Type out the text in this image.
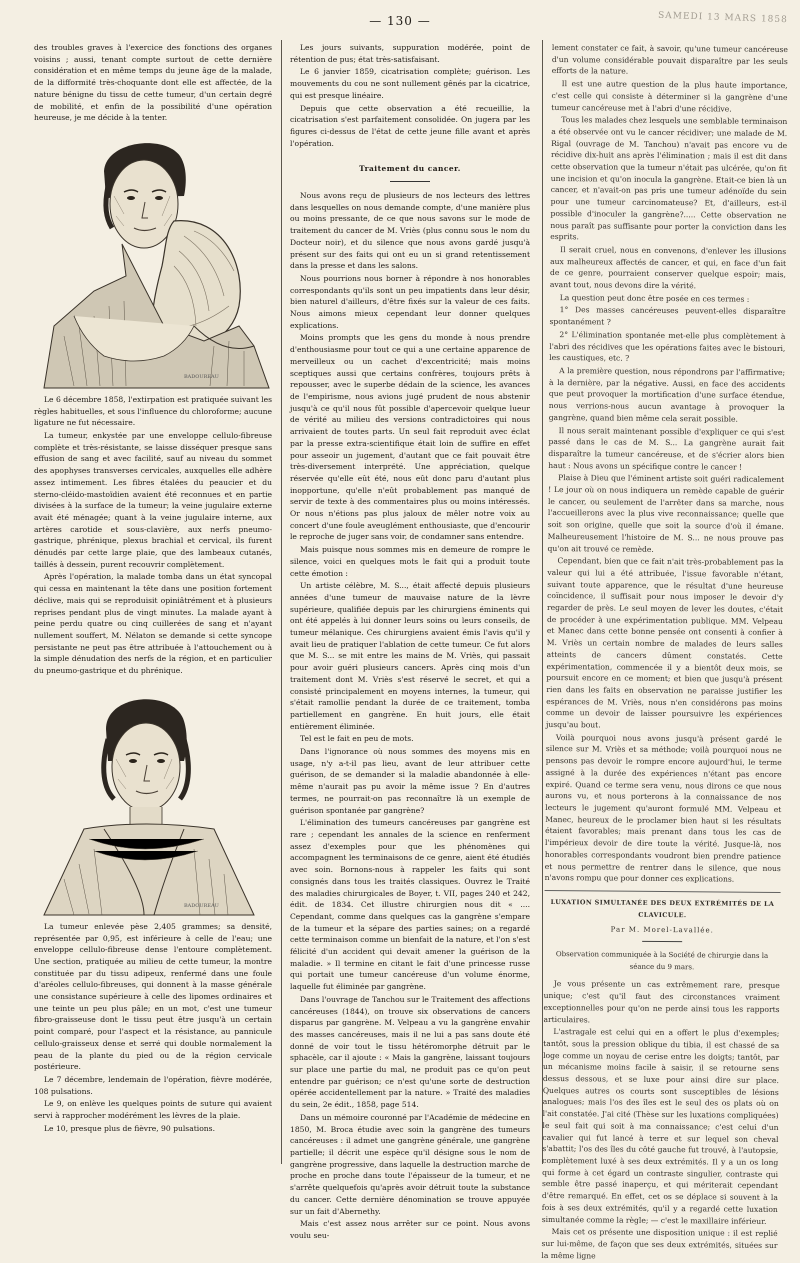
— 130 —	SAMEDI 13 MARS 1858

des troubles graves à l'exercice des fonctions des organes voisins ; aussi, tenant compte surtout de cette dernière considération et en même temps du jeune âge de la malade, de la difformité très-choquante dont elle est affectée, de la nature bénigne du tissu de cette tumeur, d'un certain degré de mobilité, et enfin de la possibilité d'une opération heureuse, je me décide à la tenter.

BADOUREAU

Le 6 décembre 1858, l'extirpation est pratiquée suivant les règles habituelles, et sous l'influence du chloroforme; aucune ligature ne fut nécessaire.

La tumeur, enkystée par une enveloppe cellulo-fibreuse complète et très-résistante, se laisse disséquer presque sans effusion de sang et avec facilité, sauf au niveau du sommet des apophyses transverses cervicales, auxquelles elle adhère assez intimement. Les fibres étalées du peaucier et du sterno-cléido-mastoïdien avaient été reconnues et en partie divisées à la surface de la tumeur; la veine jugulaire externe avait été ménagée; quant à la veine jugulaire interne, aux artères carotide et sous-clavière, aux nerfs pneumo-gastrique, phrénique, plexus brachial et cervical, ils furent dénudés par cette large plaie, que des lambeaux cutanés, taillés à dessein, purent recouvrir complètement.

Après l'opération, la malade tomba dans un état syncopal qui cessa en maintenant la tête dans une position fortement déclive, mais qui se reproduisit opiniâtrément et à plusieurs reprises pendant plus de vingt minutes. La malade ayant à peine perdu quatre ou cinq cuillerées de sang et n'ayant nullement souffert, M. Nélaton se demande si cette syncope persistante ne peut pas être attribuée à l'attouchement ou à la simple dénudation des nerfs de la région, et en particulier du pneumo-gastrique et du phrénique.

BADOUREAU

La tumeur enlevée pèse 2,405 grammes; sa densité, représentée par 0,95, est inférieure à celle de l'eau; une enveloppe cellulo-fibreuse dense l'entoure complètement. Une section, pratiquée au milieu de cette tumeur, la montre constituée par du tissu adipeux, renfermé dans une foule d'aréoles cellulo-fibreuses, qui donnent à la masse générale une consistance supérieure à celle des lipomes ordinaires et une teinte un peu plus pâle; en un mot, c'est une tumeur fibro-graisseuse dont le tissu peut être jusqu'à un certain point comparé, pour l'aspect et la résistance, au pannicule cellulo-graisseux dense et serré qui double normalement la peau de la plante du pied ou de la région cervicale postérieure.

Le 7 décembre, lendemain de l'opération, fièvre modérée, 108 pulsations.

Le 9, on enlève les quelques points de suture qui avaient servi à rapprocher modérément les lèvres de la plaie.

Le 10, presque plus de fièvre, 90 pulsations.

Les jours suivants, suppuration modérée, point de rétention de pus; état très-satisfaisant.

Le 6 janvier 1859, cicatrisation complète; guérison. Les mouvements du cou ne sont nullement gênés par la cicatrice, qui est presque linéaire.

Depuis que cette observation a été recueillie, la cicatrisation s'est parfaitement consolidée. On jugera par les figures ci-dessus de l'état de cette jeune fille avant et après l'opération.

Traitement du cancer.

Nous avons reçu de plusieurs de nos lecteurs des lettres dans lesquelles on nous demande compte, d'une manière plus ou moins pressante, de ce que nous savons sur le mode de traitement du cancer de M. Vriès (plus connu sous le nom du Docteur noir), et du silence que nous avons gardé jusqu'à présent sur des faits qui ont eu un si grand retentissement dans la presse et dans les salons.

Nous pourrions nous borner à répondre à nos honorables correspondants qu'ils sont un peu impatients dans leur désir, bien naturel d'ailleurs, d'être fixés sur la valeur de ces faits. Nous aimons mieux cependant leur donner quelques explications.

Moins prompts que les gens du monde à nous prendre d'enthousiasme pour tout ce qui a une certaine apparence de merveilleux ou un cachet d'excentricité; mais moins sceptiques aussi que certains confrères, toujours prêts à repousser, avec le superbe dédain de la science, les avances de l'empirisme, nous avions jugé prudent de nous abstenir jusqu'à ce qu'il nous fût possible d'apercevoir quelque lueur de vérité au milieu des versions contradictoires qui nous arrivaient de toutes parts. Un seul fait reproduit avec éclat par la presse extra-scientifique était loin de suffire en effet pour asseoir un jugement, d'autant que ce fait pouvait être très-diversement interprété. Une appréciation, quelque réservée qu'elle eût été, nous eût donc paru d'autant plus inopportune, qu'elle n'eût probablement pas manqué de servir de texte à des commentaires plus ou moins intéressés. Or nous n'étions pas plus jaloux de mêler notre voix au concert d'une foule aveuglément enthousiaste, que d'encourir le reproche de juger sans voir, de condamner sans entendre.

Mais puisque nous sommes mis en demeure de rompre le silence, voici en quelques mots le fait qui a produit toute cette émotion :

Un artiste célèbre, M. S..., était affecté depuis plusieurs années d'une tumeur de mauvaise nature de la lèvre supérieure, qualifiée depuis par les chirurgiens éminents qui ont été appelés à lui donner leurs soins ou leurs conseils, de tumeur mélanique. Ces chirurgiens avaient émis l'avis qu'il y avait lieu de pratiquer l'ablation de cette tumeur. Ce fut alors que M. S... se mit entre les mains de M. Vriès, qui passait pour avoir guéri plusieurs cancers. Après cinq mois d'un traitement dont M. Vriès s'est réservé le secret, et qui a consisté principalement en moyens internes, la tumeur, qui s'était ramollie pendant la durée de ce traitement, tomba partiellement en gangrène. En huit jours, elle était entièrement éliminée.

Tel est le fait en peu de mots.

Dans l'ignorance où nous sommes des moyens mis en usage, n'y a-t-il pas lieu, avant de leur attribuer cette guérison, de se demander si la maladie abandonnée à elle-même n'aurait pas pu avoir la même issue ? En d'autres termes, ne pourrait-on pas reconnaître là un exemple de guérison spontanée par gangrène?

L'élimination des tumeurs cancéreuses par gangrène est rare ; cependant les annales de la science en renferment assez d'exemples pour que les phénomènes qui accompagnent les terminaisons de ce genre, aient été étudiés avec soin. Bornons-nous à rappeler les faits qui sont consignés dans tous les traités classiques. Ouvrez le Traité des maladies chirurgicales de Boyer, t. VII, pages 240 et 242, édit. de 1834. Cet illustre chirurgien nous dit « .... Cependant, comme dans quelques cas la gangrène s'empare de la tumeur et la sépare des parties saines; on a regardé cette terminaison comme un bienfait de la nature, et l'on s'est félicité d'un accident qui devait amener la guérison de la maladie. » Il termine en citant le fait d'une princesse russe qui portait une tumeur cancéreuse d'un volume énorme, laquelle fut éliminée par gangrène.

Dans l'ouvrage de Tanchou sur le Traitement des affections cancéreuses (1844), on trouve six observations de cancers disparus par gangrène. M. Velpeau a vu la gangrène envahir des masses cancéreuses, mais il ne lui a pas sans doute été donné de voir tout le tissu hétéromorphe détruit par le sphacèle, car il ajoute : « Mais la gangrène, laissant toujours sur place une partie du mal, ne produit pas ce qu'on peut entendre par guérison; ce n'est qu'une sorte de destruction opérée accidentellement par la nature. » Traité des maladies du sein, 2e édit., 1858, page 514.

Dans un mémoire couronné par l'Académie de médecine en 1850, M. Broca étudie avec soin la gangrène des tumeurs cancéreuses : il admet une gangrène générale, une gangrène partielle; il décrit une espèce qu'il désigne sous le nom de gangrène progressive, dans laquelle la destruction marche de proche en proche dans toute l'épaisseur de la tumeur, et ne s'arrête quelquefois qu'après avoir détruit toute la substance du cancer. Cette dernière dénomination se trouve appuyée sur un fait d'Abernethy.

Mais c'est assez nous arrêter sur ce point. Nous avons voulu seu-

lement constater ce fait, à savoir, qu'une tumeur cancéreuse d'un volume considérable pouvait disparaître par les seuls efforts de la nature.

Il est une autre question de la plus haute importance, c'est celle qui consiste à déterminer si la gangrène d'une tumeur cancéreuse met à l'abri d'une récidive.

Tous les malades chez lesquels une semblable terminaison a été observée ont vu le cancer récidiver; une malade de M. Rigal (ouvrage de M. Tanchou) n'avait pas encore vu de récidive dix-huit ans après l'élimination ; mais il est dit dans cette observation que la tumeur n'était pas ulcérée, qu'on fit une incision et qu'on inocula la gangrène. Etait-ce bien là un cancer, et n'avait-on pas pris une tumeur adénoïde du sein pour une tumeur carcinomateuse? Et, d'ailleurs, est-il possible d'inoculer la gangrène?..... Cette observation ne nous paraît pas suffisante pour porter la conviction dans les esprits.

Il serait cruel, nous en convenons, d'enlever les illusions aux malheureux affectés de cancer, et qui, en face d'un fait de ce genre, pourraient conserver quelque espoir; mais, avant tout, nous devons dire la vérité.

La question peut donc être posée en ces termes :

1° Des masses cancéreuses peuvent-elles disparaître spontanément ?

2° L'élimination spontanée met-elle plus complètement à l'abri des récidives que les opérations faites avec le bistouri, les caustiques, etc. ?

A la première question, nous répondrons par l'affirmative; à la dernière, par la négative. Aussi, en face des accidents que peut provoquer la mortification d'une surface étendue, nous verrions-nous aucun avantage à provoquer la gangrène, quand bien même cela serait possible.

Il nous serait maintenant possible d'expliquer ce qui s'est passé dans le cas de M. S... La gangrène aurait fait disparaître la tumeur cancéreuse, et de s'écrier alors bien haut : Nous avons un spécifique contre le cancer !

Plaise à Dieu que l'éminent artiste soit guéri radicalement ! Le jour où on nous indiquera un remède capable de guérir le cancer, ou seulement de l'arrêter dans sa marche, nous l'accueillerons avec la plus vive reconnaissance; quelle que soit son origine, quelle que soit la source d'où il émane. Malheureusement l'histoire de M. S... ne nous prouve pas qu'on ait trouvé ce remède.

Cependant, bien que ce fait n'ait très-probablement pas la valeur qui lui a été attribuée, l'issue favorable n'étant, suivant toute apparence, que le résultat d'une heureuse coïncidence, il suffisait pour nous imposer le devoir d'y regarder de près. Le seul moyen de lever les doutes, c'était de procéder à une expérimentation publique. MM. Velpeau et Manec dans cette bonne pensée ont consenti à confier à M. Vriès un certain nombre de malades de leurs salles atteints de cancers dûment constatés. Cette expérimentation, commencée il y a bientôt deux mois, se poursuit encore en ce moment; et bien que jusqu'à présent rien dans les faits en observation ne paraisse justifier les espérances de M. Vriès, nous n'en considérons pas moins comme un devoir de laisser poursuivre les expériences jusqu'au bout.

Voilà pourquoi nous avons jusqu'à présent gardé le silence sur M. Vriès et sa méthode; voilà pourquoi nous ne pensons pas devoir le rompre encore aujourd'hui, le terme assigné à la durée des expériences n'étant pas encore expiré. Quand ce terme sera venu, nous dirons ce que nous aurons vu, et nous porterons à la connaissance de nos lecteurs le jugement qu'auront formulé MM. Velpeau et Manec, heureux de le proclamer bien haut si les résultats étaient favorables; mais prenant dans tous les cas de l'impérieux devoir de dire toute la vérité. Jusque-là, nos honorables correspondants voudront bien prendre patience et nous permettre de rentrer dans le silence, que nous n'avons rompu que pour donner ces explications.

LUXATION SIMULTANÉE DES DEUX EXTRÉMITÉS DE LA CLAVICULE.

Par M. Morel-Lavallée.

Observation communiquée à la Société de chirurgie dans la séance du 9 mars.

Je vous présente un cas extrêmement rare, presque unique; c'est qu'il faut des circonstances vraiment exceptionnelles pour qu'on ne perde ainsi tous les rapports articulaires.

L'astragale est celui qui en a offert le plus d'exemples; tantôt, sous la pression oblique du tibia, il est chassé de sa loge comme un noyau de cerise entre les doigts; tantôt, par un mécanisme moins facile à saisir, il se retourne sens dessus dessous, et se luxe pour ainsi dire sur place. Quelques autres os courts sont susceptibles de lésions analogues; mais l'os des îles est le seul des os plats où on l'ait constatée. J'ai cité (Thèse sur les luxations compliquées) le seul fait qui soit à ma connaissance; c'est celui d'un cavalier qui fut lancé à terre et sur lequel son cheval s'abattit; l'os des îles du côté gauche fut trouvé, à l'autopsie, complètement luxé à ses deux extrémités. Il y a un os long qui forme à cet égard un contraste singulier, contraste qui semble être passé inaperçu, et qui mériterait cependant d'être remarqué. En effet, cet os se déplace si souvent à la fois à ses deux extrémités, qu'il y a regardé cette luxation simultanée comme la règle; — c'est le maxillaire inférieur.

Mais cet os présente une disposition unique : il est replié sur lui-même, de façon que ses deux extrémités, situées sur la même ligne
